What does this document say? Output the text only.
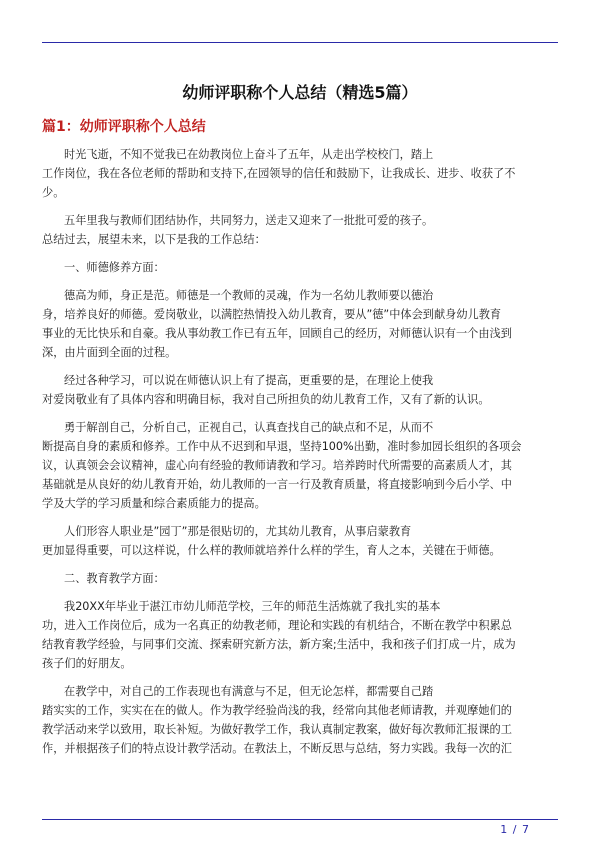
幼师评职称个人总结（精选5篇）
篇1：幼师评职称个人总结
时光飞逝，不知不觉我已在幼教岗位上奋斗了五年，从走出学校校门，踏上
工作岗位，我在各位老师的帮助和支持下,在园领导的信任和鼓励下，让我成长、进步、收获了不
少。
五年里我与教师们团结协作，共同努力，送走又迎来了一批批可爱的孩子。
总结过去，展望未来，以下是我的工作总结：
一、师德修养方面：
德高为师，身正是范。师德是一个教师的灵魂，作为一名幼儿教师要以德治
身，培养良好的师德。爱岗敬业，以满腔热情投入幼儿教育，要从”德”中体会到献身幼儿教育
事业的无比快乐和自豪。我从事幼教工作已有五年，回顾自己的经历，对师德认识有一个由浅到
深，由片面到全面的过程。
经过各种学习，可以说在师德认识上有了提高，更重要的是，在理论上使我
对爱岗敬业有了具体内容和明确目标，我对自己所担负的幼儿教育工作，又有了新的认识。
勇于解剖自己，分析自己，正视自己，认真查找自己的缺点和不足，从而不
断提高自身的素质和修养。工作中从不迟到和早退，坚持100%出勤，准时参加园长组织的各项会
议，认真领会会议精神，虚心向有经验的教师请教和学习。培养跨时代所需要的高素质人才，其
基础就是从良好的幼儿教育开始，幼儿教师的一言一行及教育质量，将直接影响到今后小学、中
学及大学的学习质量和综合素质能力的提高。
人们形容人职业是”园丁”那是很贴切的，尤其幼儿教育，从事启蒙教育
更加显得重要，可以这样说，什么样的教师就培养什么样的学生，育人之本，关键在于师德。
二、教育教学方面：
我20XX年毕业于湛江市幼儿师范学校，三年的师范生活炼就了我扎实的基本
功，进入工作岗位后，成为一名真正的幼教老师，理论和实践的有机结合，不断在教学中积累总
结教育教学经验，与同事们交流、探索研究新方法，新方案;生活中，我和孩子们打成一片，成为
孩子们的好朋友。
在教学中，对自己的工作表现也有满意与不足，但无论怎样，都需要自己踏
踏实实的工作，实实在在的做人。作为教学经验尚浅的我，经常向其他老师请教，并观摩她们的
教学活动来学以致用，取长补短。为做好教学工作，我认真制定教案，做好每次教师汇报课的工
作，并根据孩子们的特点设计教学活动。在教法上，不断反思与总结，努力实践。我每一次的汇
1 / 7
